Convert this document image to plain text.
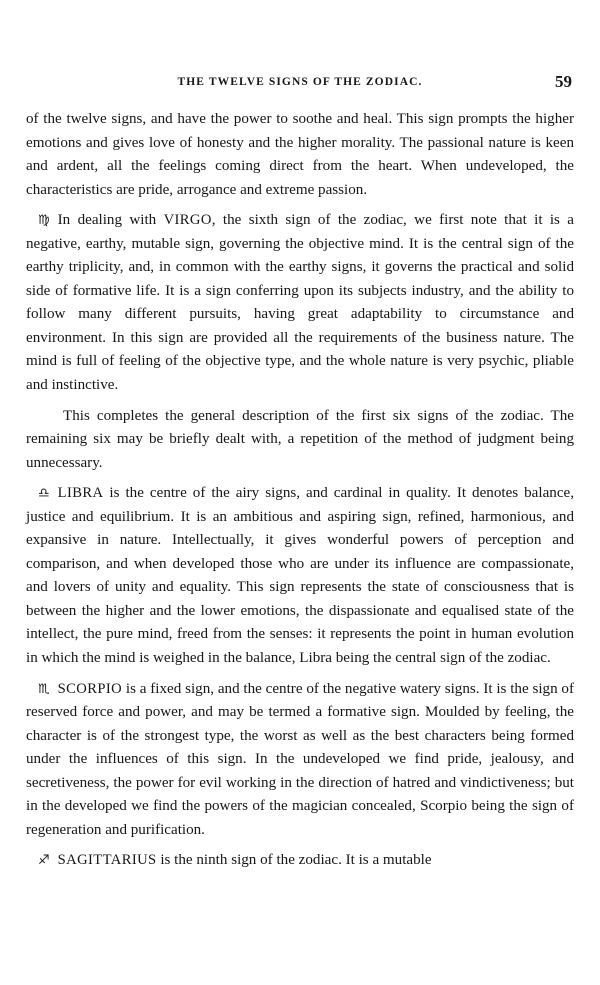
THE TWELVE SIGNS OF THE ZODIAC.	59

of the twelve signs, and have the power to soothe and heal. This sign prompts the higher emotions and gives love of honesty and the higher morality. The passional nature is keen and ardent, all the feelings coming direct from the heart. When undeveloped, the characteristics are pride, arrogance and extreme passion.

♍ In dealing with VIRGO, the sixth sign of the zodiac, we first note that it is a negative, earthy, mutable sign, governing the objective mind. It is the central sign of the earthy triplicity, and, in common with the earthy signs, it governs the practical and solid side of formative life. It is a sign conferring upon its subjects industry, and the ability to follow many different pursuits, having great adaptability to circumstance and environment. In this sign are provided all the requirements of the business nature. The mind is full of feeling of the objective type, and the whole nature is very psychic, pliable and instinctive.

This completes the general description of the first six signs of the zodiac. The remaining six may be briefly dealt with, a repetition of the method of judgment being unnecessary.

♎ LIBRA is the centre of the airy signs, and cardinal in quality. It denotes balance, justice and equilibrium. It is an ambitious and aspiring sign, refined, harmonious, and expansive in nature. Intellectually, it gives wonderful powers of perception and comparison, and when developed those who are under its influence are compassionate, and lovers of unity and equality. This sign represents the state of consciousness that is between the higher and the lower emotions, the dispassionate and equalised state of the intellect, the pure mind, freed from the senses: it represents the point in human evolution in which the mind is weighed in the balance, Libra being the central sign of the zodiac.

♏ SCORPIO is a fixed sign, and the centre of the negative watery signs. It is the sign of reserved force and power, and may be termed a formative sign. Moulded by feeling, the character is of the strongest type, the worst as well as the best characters being formed under the influences of this sign. In the undeveloped we find pride, jealousy, and secretiveness, the power for evil working in the direction of hatred and vindictiveness; but in the developed we find the powers of the magician concealed, Scorpio being the sign of regeneration and purification.

♐ SAGITTARIUS is the ninth sign of the zodiac. It is a mutable
